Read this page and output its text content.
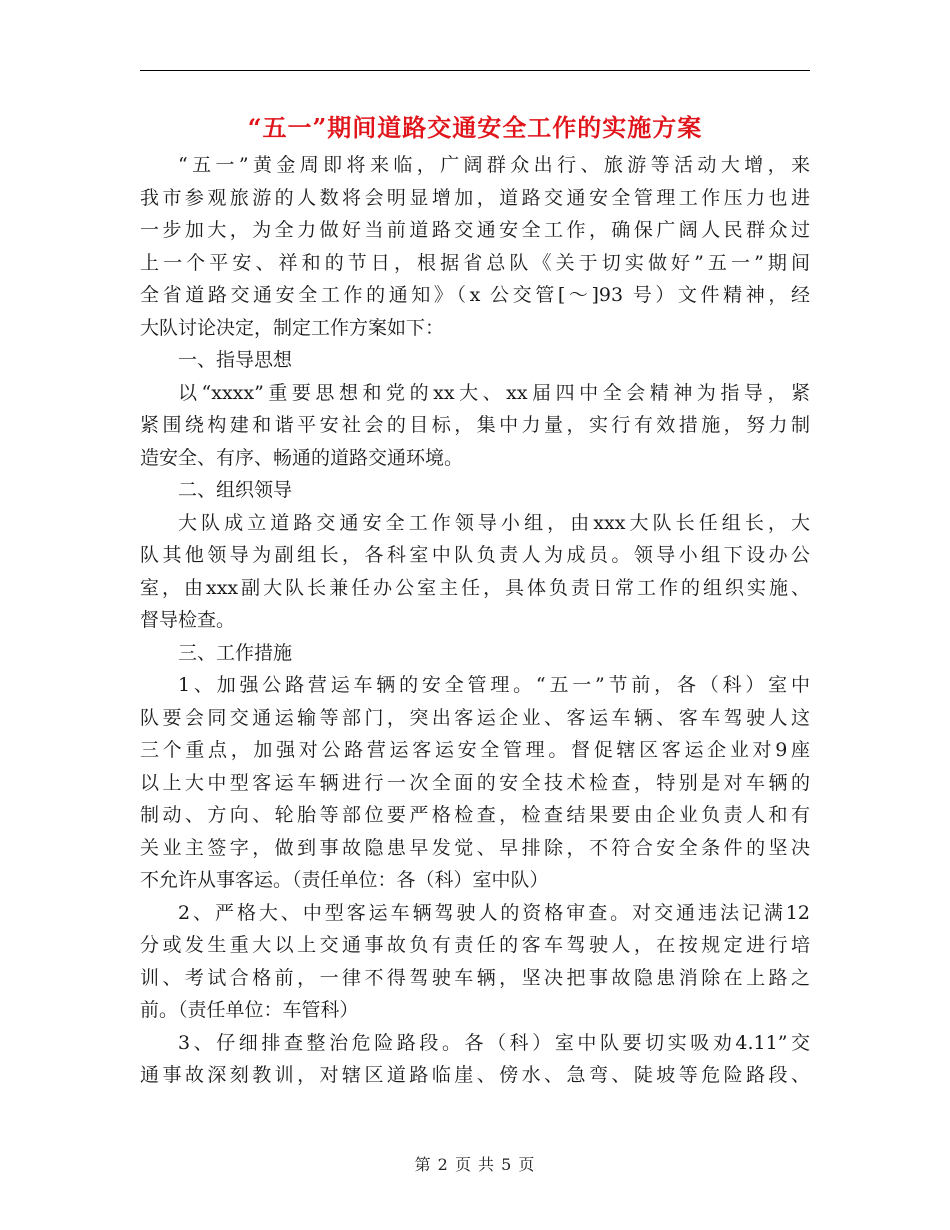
“五一”期间道路交通安全工作的实施方案
“五一”黄金周即将来临，广阔群众出行、旅游等活动大增，来
我市参观旅游的人数将会明显增加，道路交通安全管理工作压力也进
一步加大，为全力做好当前道路交通安全工作，确保广阔人民群众过
上一个平安、祥和的节日，根据省总队《关于切实做好”五一”期间
全省道路交通安全工作的通知》（x 公交管[～]93 号）文件精神，经
大队讨论决定，制定工作方案如下：
一、指导思想
以“xxxx”重要思想和党的xx大、xx届四中全会精神为指导，紧
紧围绕构建和谐平安社会的目标，集中力量，实行有效措施，努力制
造安全、有序、畅通的道路交通环境。
二、组织领导
大队成立道路交通安全工作领导小组，由xxx大队长任组长，大
队其他领导为副组长，各科室中队负责人为成员。领导小组下设办公
室，由xxx副大队长兼任办公室主任，具体负责日常工作的组织实施、
督导检查。
三、工作措施
1、加强公路营运车辆的安全管理。“五一”节前，各（科）室中
队要会同交通运输等部门，突出客运企业、客运车辆、客车驾驶人这
三个重点，加强对公路营运客运安全管理。督促辖区客运企业对9座
以上大中型客运车辆进行一次全面的安全技术检查，特别是对车辆的
制动、方向、轮胎等部位要严格检查，检查结果要由企业负责人和有
关业主签字，做到事故隐患早发觉、早排除，不符合安全条件的坚决
不允许从事客运。（责任单位：各（科）室中队）
2、严格大、中型客运车辆驾驶人的资格审查。对交通违法记满12
分或发生重大以上交通事故负有责任的客车驾驶人，在按规定进行培
训、考试合格前，一律不得驾驶车辆，坚决把事故隐患消除在上路之
前。（责任单位：车管科）
3、仔细排查整治危险路段。各（科）室中队要切实吸劝4.11”交
通事故深刻教训，对辖区道路临崖、傍水、急弯、陡坡等危险路段、
第 2 页 共 5 页
